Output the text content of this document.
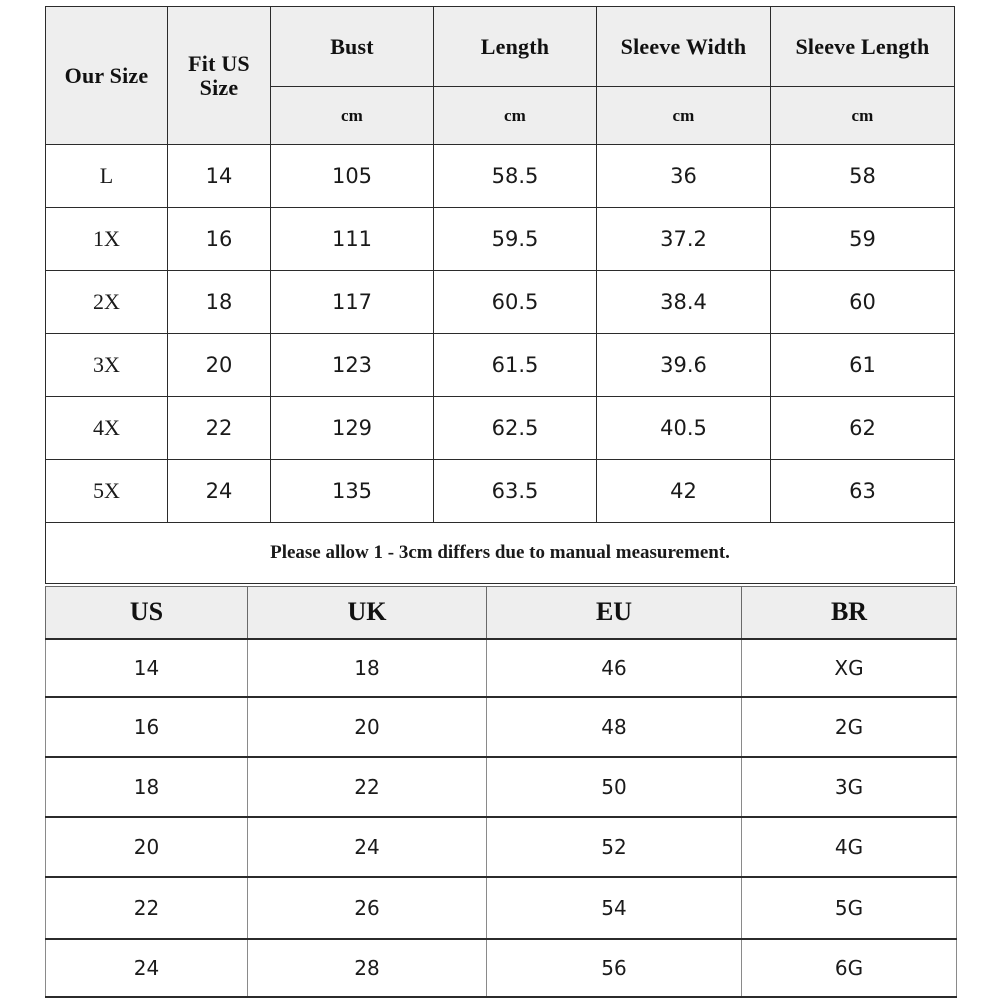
Our Size	Fit US Size	Bust	Length	Sleeve Width	Sleeve Length
		cm	cm	cm	cm
L	14	105	58.5	36	58
1X	16	111	59.5	37.2	59
2X	18	117	60.5	38.4	60
3X	20	123	61.5	39.6	61
4X	22	129	62.5	40.5	62
5X	24	135	63.5	42	63
Please allow 1 - 3cm differs due to manual measurement.					
US	UK	EU	BR
14	18	46	XG
16	20	48	2G
18	22	50	3G
20	24	52	4G
22	26	54	5G
24	28	56	6G
